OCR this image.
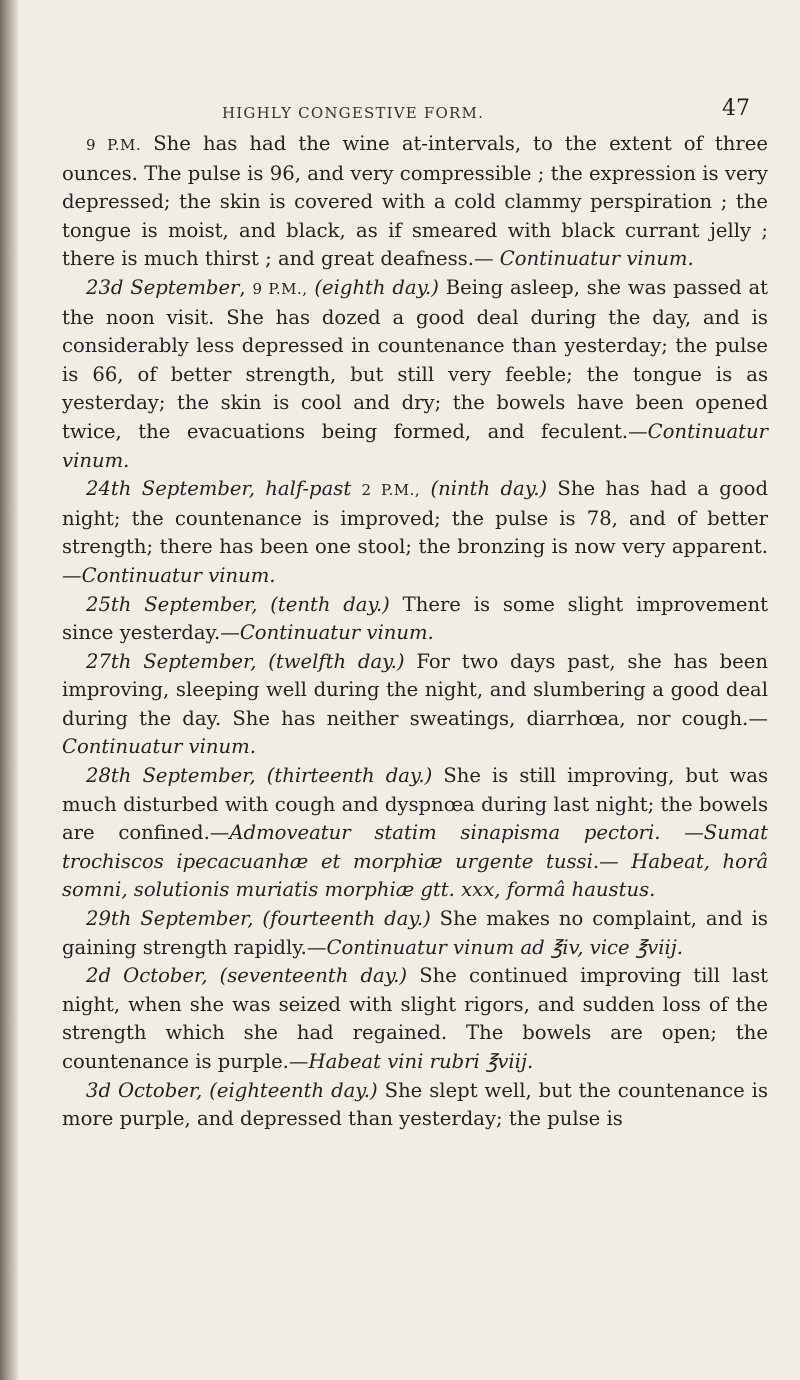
HIGHLY CONGESTIVE FORM.	47

9 P.M. She has had the wine at-intervals, to the extent of three ounces. The pulse is 96, and very compressible ; the expression is very depressed; the skin is covered with a cold clammy perspiration ; the tongue is moist, and black, as if smeared with black currant jelly ; there is much thirst ; and great deafness.— Continuatur vinum.

23d September, 9 P.M., (eighth day.) Being asleep, she was passed at the noon visit. She has dozed a good deal during the day, and is considerably less depressed in countenance than yesterday; the pulse is 66, of better strength, but still very feeble; the tongue is as yesterday; the skin is cool and dry; the bowels have been opened twice, the evacuations being formed, and feculent.—Continuatur vinum.

24th September, half-past 2 P.M., (ninth day.) She has had a good night; the countenance is improved; the pulse is 78, and of better strength; there has been one stool; the bronzing is now very apparent.—Continuatur vinum.

25th September, (tenth day.) There is some slight improvement since yesterday.—Continuatur vinum.

27th September, (twelfth day.) For two days past, she has been improving, sleeping well during the night, and slumbering a good deal during the day. She has neither sweatings, diarrhœa, nor cough.—Continuatur vinum.

28th September, (thirteenth day.) She is still improving, but was much disturbed with cough and dyspnœa during last night; the bowels are confined.—Admoveatur statim sinapisma pectori. —Sumat trochiscos ipecacuanhæ et morphiæ urgente tussi.— Habeat, horâ somni, solutionis muriatis morphiæ gtt. xxx, formâ haustus.

29th September, (fourteenth day.) She makes no complaint, and is gaining strength rapidly.—Continuatur vinum ad ℥iv, vice ℥viij.

2d October, (seventeenth day.) She continued improving till last night, when she was seized with slight rigors, and sudden loss of the strength which she had regained. The bowels are open; the countenance is purple.—Habeat vini rubri ℥viij.

3d October, (eighteenth day.) She slept well, but the countenance is more purple, and depressed than yesterday; the pulse is
